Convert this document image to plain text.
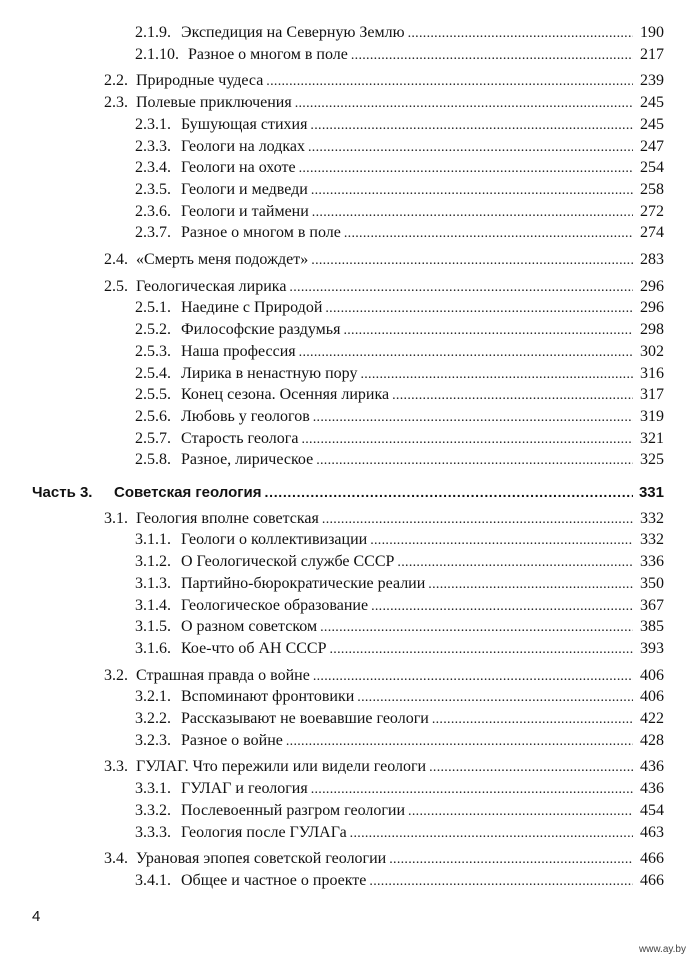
2.1.9. Экспедиция на Северную Землю . . .	190
2.1.10. Разное о многом в поле . . .	217
2.2. Природные чудеса . . .	239
2.3. Полевые приключения . . .	245
2.3.1. Бушующая стихия . . .	245
2.3.3. Геологи на лодках . . .	247
2.3.4. Геологи на охоте . . .	254
2.3.5. Геологи и медведи . . .	258
2.3.6. Геологи и таймени . . .	272
2.3.7. Разное о многом в поле . . .	274
2.4. «Смерть меня подождет» . . .	283
2.5. Геологическая лирика . . .	296
2.5.1. Наедине с Природой . . .	296
2.5.2. Философские раздумья . . .	298
2.5.3. Наша профессия . . .	302
2.5.4. Лирика в ненастную пору . . .	316
2.5.5. Конец сезона. Осенняя лирика . . .	317
2.5.6. Любовь у геологов . . .	319
2.5.7. Старость геолога . . .	321
2.5.8. Разное, лирическое . . .	325
Часть 3.	Советская геология . . .	331
3.1. Геология вполне советская . . .	332
3.1.1. Геологи о коллективизации . . .	332
3.1.2. О Геологической службе СССР . . .	336
3.1.3. Партийно-бюрократические реалии . . .	350
3.1.4. Геологическое образование . . .	367
3.1.5. О разном советском . . .	385
3.1.6. Кое-что об АН СССР . . .	393
3.2. Страшная правда о войне . . .	406
3.2.1. Вспоминают фронтовики . . .	406
3.2.2. Рассказывают не воевавшие геологи . . .	422
3.2.3. Разное о войне . . .	428
3.3. ГУЛАГ. Что пережили или видели геологи . . .	436
3.3.1. ГУЛАГ и геология . . .	436
3.3.2. Послевоенный разгром геологии . . .	454
3.3.3. Геология после ГУЛАГа . . .	463
3.4. Урановая эпопея советской геологии . . .	466
3.4.1. Общее и частное о проекте . . .	466
4
www.ay.by
